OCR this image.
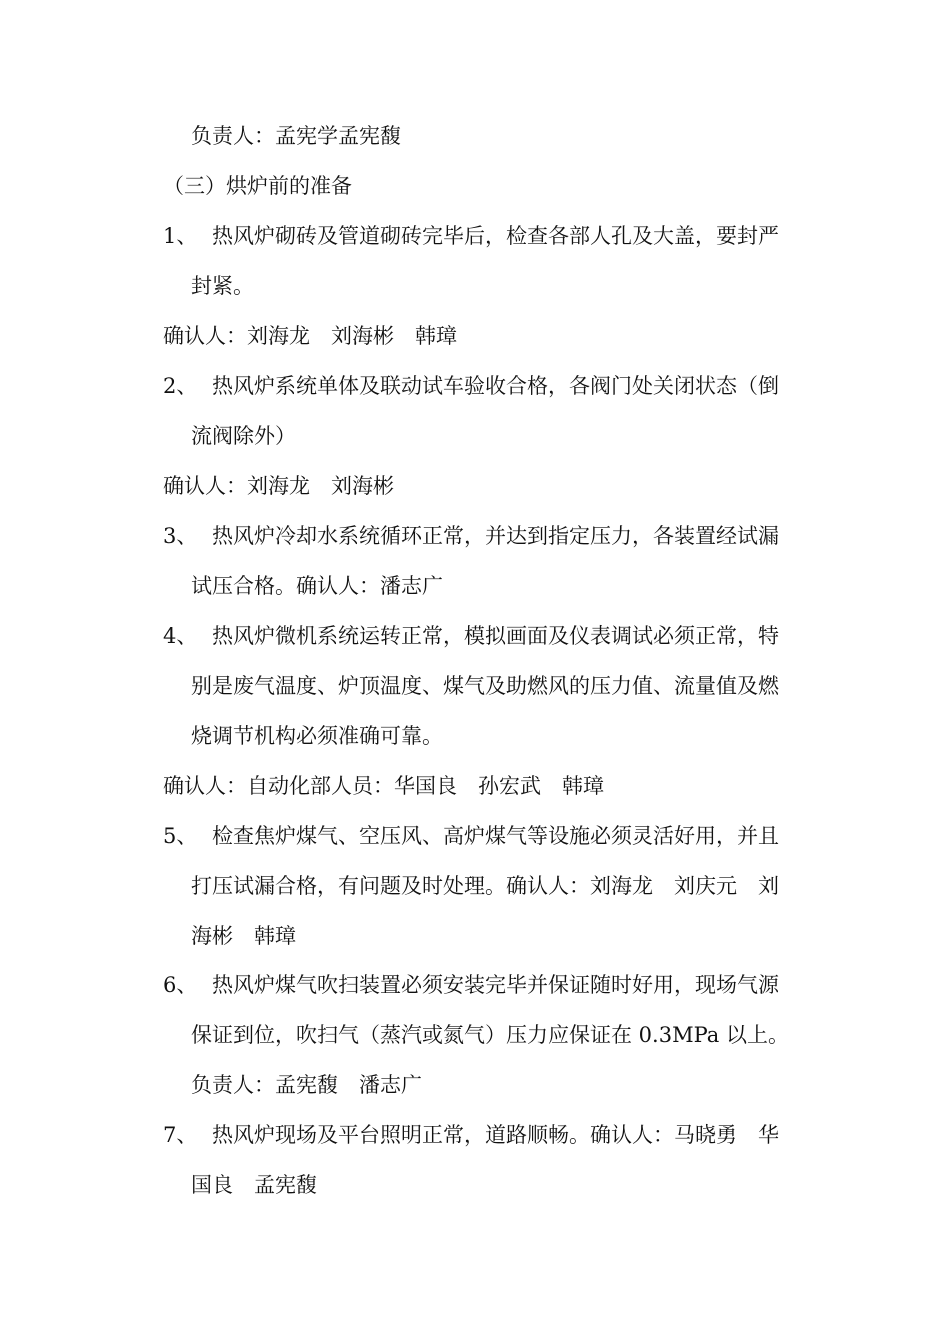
负责人：孟宪学孟宪馥
（三）烘炉前的准备
1、 热风炉砌砖及管道砌砖完毕后，检查各部人孔及大盖，要封严
封紧。
确认人：刘海龙　刘海彬　韩璋
2、 热风炉系统单体及联动试车验收合格，各阀门处关闭状态（倒
流阀除外）
确认人：刘海龙　刘海彬
3、 热风炉冷却水系统循环正常，并达到指定压力，各装置经试漏
试压合格。确认人：潘志广
4、 热风炉微机系统运转正常，模拟画面及仪表调试必须正常，特
别是废气温度、炉顶温度、煤气及助燃风的压力值、流量值及燃
烧调节机构必须准确可靠。
确认人：自动化部人员：华国良　孙宏武　韩璋
5、 检查焦炉煤气、空压风、高炉煤气等设施必须灵活好用，并且
打压试漏合格，有问题及时处理。确认人：刘海龙　刘庆元　刘
海彬　韩璋
6、 热风炉煤气吹扫装置必须安装完毕并保证随时好用，现场气源
保证到位，吹扫气（蒸汽或氮气）压力应保证在 0.3MPa 以上。
负责人：孟宪馥　潘志广
7、 热风炉现场及平台照明正常，道路顺畅。确认人：马晓勇　华
国良　孟宪馥
